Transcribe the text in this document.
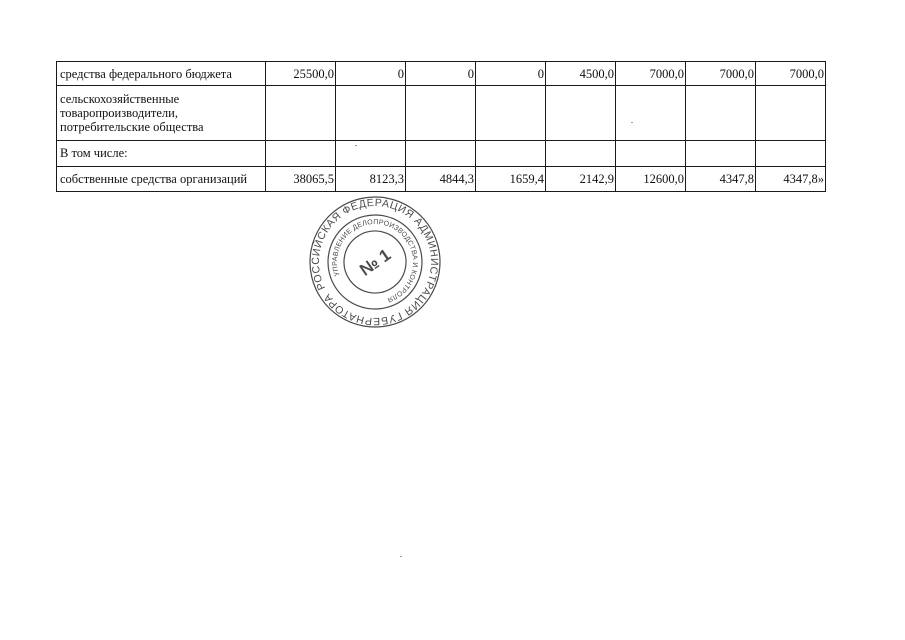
средства федерального бюджета	25500,0	0	0	0	4500,0	7000,0	7000,0	7000,0
сельскохозяйственные товаропроизводители, потребительские общества								
В том числе:								
собственные средства организаций	38065,5	8123,3	4844,3	1659,4	2142,9	12600,0	4347,8	4347,8»
РОССИЙСКАЯ ФЕДЕРАЦИЯ АДМИНИСТРАЦИЯ ГУБЕРНАТОРА
УПРАВЛЕНИЕ ДЕЛОПРОИЗВОДСТВА И КОНТРОЛЯ
№ 1
